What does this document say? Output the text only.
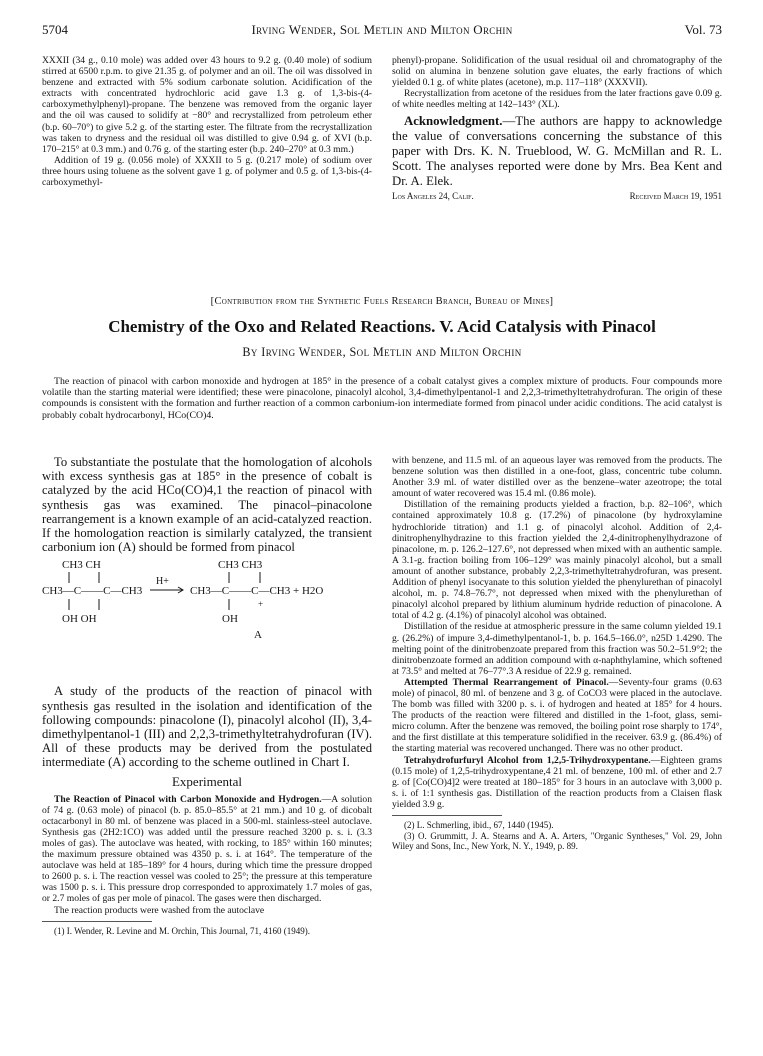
5704	Irving Wender, Sol Metlin and Milton Orchin	Vol. 73

XXXII (34 g., 0.10 mole) was added over 43 hours to 9.2 g. (0.40 mole) of sodium stirred at 6500 r.p.m. to give 21.35 g. of polymer and an oil. The oil was dissolved in benzene and extracted with 5% sodium carbonate solution. Acidification of the extracts with concentrated hydrochloric acid gave 1.3 g. of 1,3-bis-(4-carboxymethylphenyl)-propane. The benzene was removed from the organic layer and the oil was caused to solidify at −80° and recrystallized from petroleum ether (b.p. 60–70°) to give 5.2 g. of the starting ester. The filtrate from the recrystallization was taken to dryness and the residual oil was distilled to give 0.94 g. of XVI (b.p. 170–215° at 0.3 mm.) and 0.76 g. of the starting ester (b.p. 240–270° at 0.3 mm.)

Addition of 19 g. (0.056 mole) of XXXII to 5 g. (0.217 mole) of sodium over three hours using toluene as the solvent gave 1 g. of polymer and 0.5 g. of 1,3-bis-(4-carboxymethyl-

phenyl)-propane. Solidification of the usual residual oil and chromatography of the solid on alumina in benzene solution gave eluates, the early fractions of which yielded 0.1 g. of white plates (acetone), m.p. 117–118° (XXXVII).

Recrystallization from acetone of the residues from the later fractions gave 0.09 g. of white needles melting at 142–143° (XL).

Acknowledgment.—The authors are happy to acknowledge the value of conversations concerning the substance of this paper with Drs. K. N. Trueblood, W. G. McMillan and R. L. Scott. The analyses reported were done by Mrs. Bea Kent and Dr. A. Elek.

Los Angeles 24, Calif.	Received March 19, 1951
[Contribution from the Synthetic Fuels Research Branch, Bureau of Mines]
Chemistry of the Oxo and Related Reactions. V. Acid Catalysis with Pinacol
By Irving Wender, Sol Metlin and Milton Orchin
The reaction of pinacol with carbon monoxide and hydrogen at 185° in the presence of a cobalt catalyst gives a complex mixture of products. Four compounds more volatile than the starting material were identified; these were pinacolone, pinacolyl alcohol, 3,4-dimethylpentanol-1 and 2,2,3-trimethyltetrahydrofuran. The origin of these compounds is consistent with the formation and further reaction of a common carbonium-ion intermediate formed from pinacol under acidic conditions. The acid catalyst is probably cobalt hydrocarbonyl, HCo(CO)4.

To substantiate the postulate that the homologation of alcohols with excess synthesis gas at 185° in the presence of cobalt is catalyzed by the acid HCo(CO)4,1 the reaction of pinacol with synthesis gas was examined. The pinacol–pinacolone rearrangement is a known example of an acid-catalyzed reaction. If the homologation reaction is similarly catalyzed, the transient carbonium ion (A) should be formed from pinacol

CH3 CH	CH3 CH3
CH3—C——C—CH3
H+
CH3—C——C—CH3 + H2O
+
OH OH	OH
A

A study of the products of the reaction of pinacol with synthesis gas resulted in the isolation and identification of the following compounds: pinacolone (I), pinacolyl alcohol (II), 3,4-dimethylpentanol-1 (III) and 2,2,3-trimethyltetrahydrofuran (IV). All of these products may be derived from the postulated intermediate (A) according to the scheme outlined in Chart I.

Experimental

The Reaction of Pinacol with Carbon Monoxide and Hydrogen.—A solution of 74 g. (0.63 mole) of pinacol (b. p. 85.0–85.5° at 21 mm.) and 10 g. of dicobalt octacarbonyl in 80 ml. of benzene was placed in a 500-ml. stainless-steel autoclave. Synthesis gas (2H2:1CO) was added until the pressure reached 3200 p. s. i. (3.3 moles of gas). The autoclave was heated, with rocking, to 185° within 160 minutes; the maximum pressure obtained was 4350 p. s. i. at 164°. The temperature of the autoclave was held at 185–189° for 4 hours, during which time the pressure dropped to 2600 p. s. i. The reaction vessel was cooled to 25°; the pressure at this temperature was 1500 p. s. i. This pressure drop corresponded to approximately 1.7 moles of gas, or 2.7 moles of gas per mole of pinacol. The gases were then discharged.

The reaction products were washed from the autoclave

(1) I. Wender, R. Levine and M. Orchin, This Journal, 71, 4160 (1949).

with benzene, and 11.5 ml. of an aqueous layer was removed from the products. The benzene solution was then distilled in a one-foot, glass, concentric tube column. Another 3.9 ml. of water distilled over as the benzene–water azeotrope; the total amount of water recovered was 15.4 ml. (0.86 mole).

Distillation of the remaining products yielded a fraction, b.p. 82–106°, which contained approximately 10.8 g. (17.2%) of pinacolone (by hydroxylamine hydrochloride titration) and 1.1 g. of pinacolyl alcohol. Addition of 2,4-dinitrophenylhydrazine to this fraction yielded the 2,4-dinitrophenylhydrazone of pinacolone, m. p. 126.2–127.6°, not depressed when mixed with an authentic sample. A 3.1-g. fraction boiling from 106–129° was mainly pinacolyl alcohol, but a small amount of another substance, probably 2,2,3-trimethyltetrahydrofuran, was present. Addition of phenyl isocyanate to this solution yielded the phenylurethan of pinacolyl alcohol, m. p. 74.8–76.7°, not depressed when mixed with the phenylurethan of pinacolyl alcohol prepared by lithium aluminum hydride reduction of pinacolone. A total of 4.2 g. (4.1%) of pinacolyl alcohol was obtained.

Distillation of the residue at atmospheric pressure in the same column yielded 19.1 g. (26.2%) of impure 3,4-dimethylpentanol-1, b. p. 164.5–166.0°, n25D 1.4290. The melting point of the dinitrobenzoate prepared from this fraction was 50.2–51.9°2; the dinitrobenzoate formed an addition compound with α-naphthylamine, which softened at 73.5° and melted at 76–77°.3 A residue of 22.9 g. remained.

Attempted Thermal Rearrangement of Pinacol.—Seventy-four grams (0.63 mole) of pinacol, 80 ml. of benzene and 3 g. of CoCO3 were placed in the autoclave. The bomb was filled with 3200 p. s. i. of hydrogen and heated at 185° for 4 hours. The products of the reaction were filtered and distilled in the 1-foot, glass, semi-micro column. After the benzene was removed, the boiling point rose sharply to 174°, and the first distillate at this temperature solidified in the receiver. 63.9 g. (86.4%) of the starting material was recovered unchanged. There was no other product.

Tetrahydrofurfuryl Alcohol from 1,2,5-Trihydroxypentane.—Eighteen grams (0.15 mole) of 1,2,5-trihydroxypentane,4 21 ml. of benzene, 100 ml. of ether and 2.7 g. of [Co(CO)4]2 were treated at 180–185° for 3 hours in an autoclave with 3,000 p. s. i. of 1:1 synthesis gas. Distillation of the reaction products from a Claisen flask yielded 3.9 g.

(2) L. Schmerling, ibid., 67, 1440 (1945).

(3) O. Grummitt, J. A. Stearns and A. A. Arters, "Organic Syntheses," Vol. 29, John Wiley and Sons, Inc., New York, N. Y., 1949, p. 89.
